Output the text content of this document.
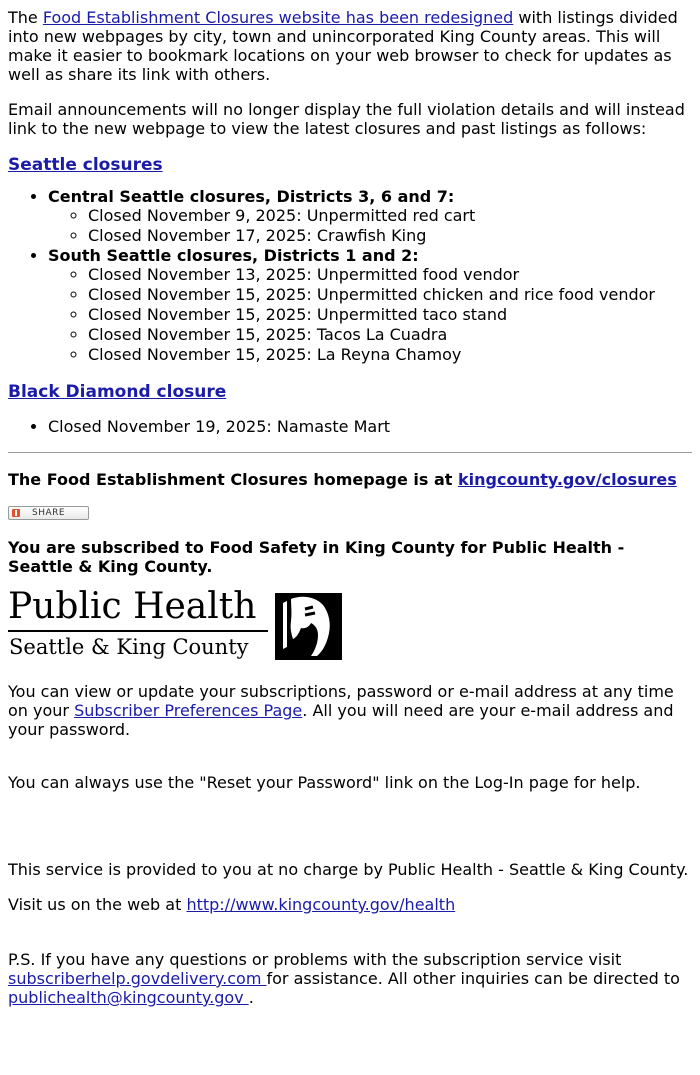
The Food Establishment Closures website has been redesigned with listings divided into new webpages by city, town and unincorporated King County areas. This will make it easier to bookmark locations on your web browser to check for updates as well as share its link with others.

Email announcements will no longer display the full violation details and will instead link to the new webpage to view the latest closures and past listings as follows:

Seattle closures
• Central Seattle closures, Districts 3, 6 and 7:
◦ Closed November 9, 2025: Unpermitted red cart
◦ Closed November 17, 2025: Crawfish King
• South Seattle closures, Districts 1 and 2:
◦ Closed November 13, 2025: Unpermitted food vendor
◦ Closed November 15, 2025: Unpermitted chicken and rice food vendor
◦ Closed November 15, 2025: Unpermitted taco stand
◦ Closed November 15, 2025: Tacos La Cuadra
◦ Closed November 15, 2025: La Reyna Chamoy
Black Diamond closure
• Closed November 19, 2025: Namaste Mart

The Food Establishment Closures homepage is at kingcounty.gov/closures

SHARE

You are subscribed to Food Safety in King County for Public Health - Seattle & King County.

Public Health
Seattle & King County

You can view or update your subscriptions, password or e-mail address at any time on your Subscriber Preferences Page. All you will need are your e-mail address and your password.

You can always use the "Reset your Password" link on the Log-In page for help.

This service is provided to you at no charge by Public Health - Seattle & King County.

Visit us on the web at http://www.kingcounty.gov/health

P.S. If you have any questions or problems with the subscription service visit subscriberhelp.govdelivery.com for assistance. All other inquiries can be directed to publichealth@kingcounty.gov .
